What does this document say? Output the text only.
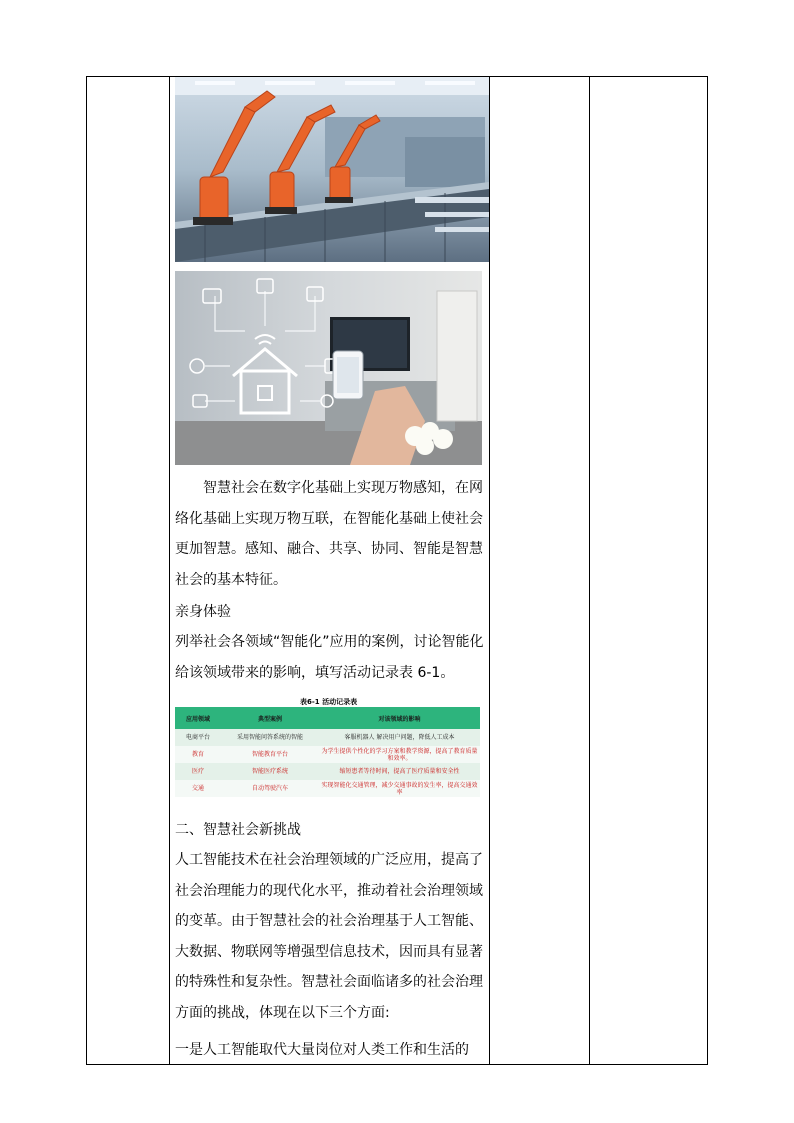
智慧社会在数字化基础上实现万物感知，在网络化基础上实现万物互联，在智能化基础上使社会更加智慧。感知、融合、共享、协同、智能是智慧社会的基本特征。
亲身体验
列举社会各领域“智能化”应用的案例，讨论智能化给该领域带来的影响，填写活动记录表 6-1。
表6-1 活动记录表
应用领域	典型案例	对该领域的影响
电商平台	采用智能问答系统的智能	客服机器人 解决用户问题，降低人工成本
教育	智能教育平台	为学生提供个性化的学习方案和教学资源，提高了教育质量和效率。
医疗	智能医疗系统	缩短患者等待时间，提高了医疗质量和安全性
交通	自动驾驶汽车	实现智能化交通管理，减少交通事故的发生率，提高交通效率
二、智慧社会新挑战
人工智能技术在社会治理领域的广泛应用，提高了社会治理能力的现代化水平，推动着社会治理领域的变革。由于智慧社会的社会治理基于人工智能、大数据、物联网等增强型信息技术，因而具有显著的特殊性和复杂性。智慧社会面临诸多的社会治理方面的挑战，体现在以下三个方面:
一是人工智能取代大量岗位对人类工作和生活的
